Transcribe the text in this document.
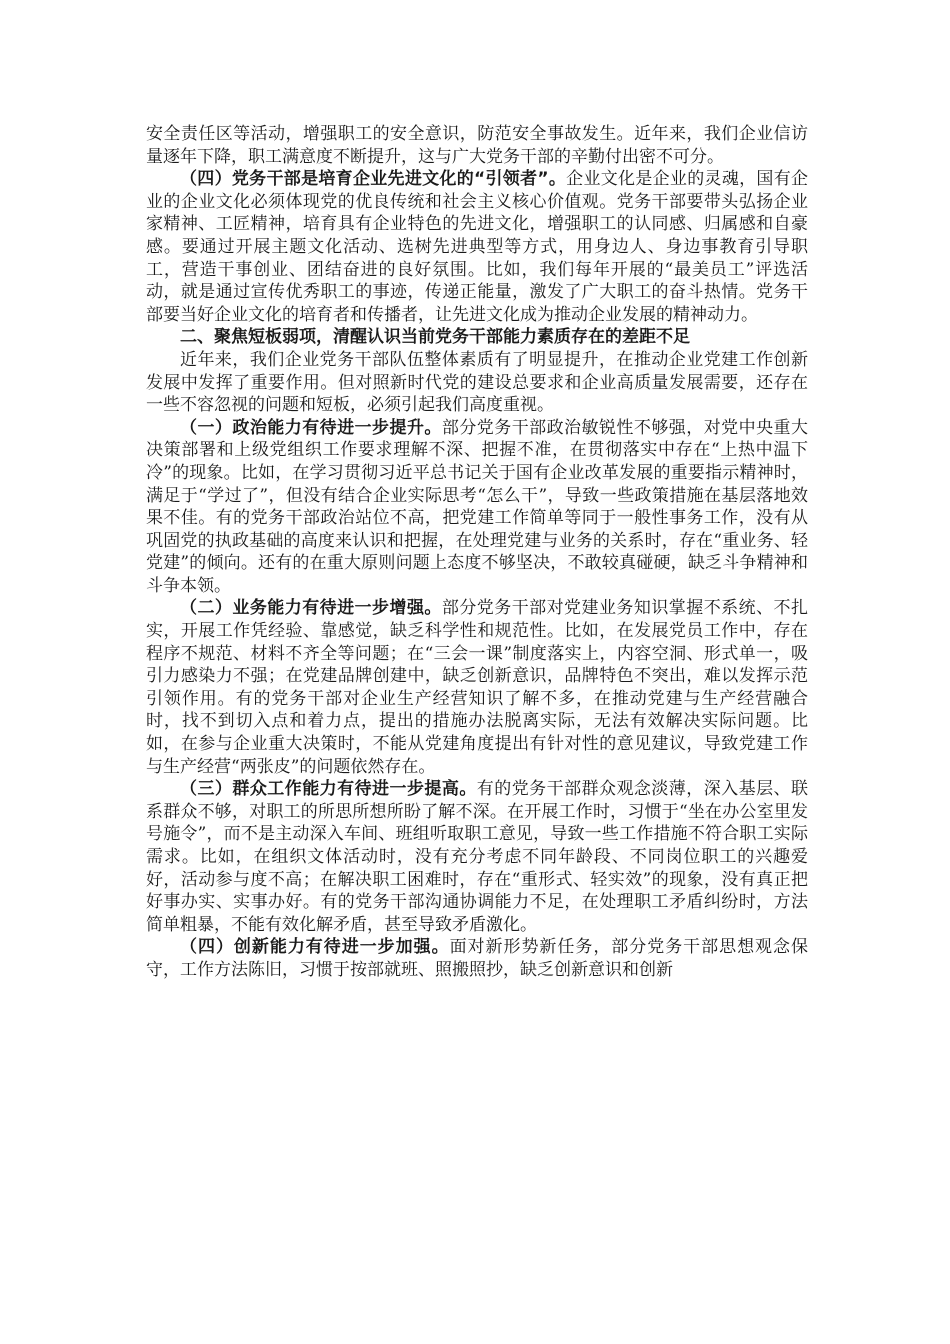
安全责任区等活动，增强职工的安全意识，防范安全事故发生。近年来，我们企业信访量逐年下降，职工满意度不断提升，这与广大党务干部的辛勤付出密不可分。

（四）党务干部是培育企业先进文化的“引领者”。企业文化是企业的灵魂，国有企业的企业文化必须体现党的优良传统和社会主义核心价值观。党务干部要带头弘扬企业家精神、工匠精神，培育具有企业特色的先进文化，增强职工的认同感、归属感和自豪感。要通过开展主题文化活动、选树先进典型等方式，用身边人、身边事教育引导职工，营造干事创业、团结奋进的良好氛围。比如，我们每年开展的“最美员工”评选活动，就是通过宣传优秀职工的事迹，传递正能量，激发了广大职工的奋斗热情。党务干部要当好企业文化的培育者和传播者，让先进文化成为推动企业发展的精神动力。

二、聚焦短板弱项，清醒认识当前党务干部能力素质存在的差距不足

近年来，我们企业党务干部队伍整体素质有了明显提升，在推动企业党建工作创新发展中发挥了重要作用。但对照新时代党的建设总要求和企业高质量发展需要，还存在一些不容忽视的问题和短板，必须引起我们高度重视。

（一）政治能力有待进一步提升。部分党务干部政治敏锐性不够强，对党中央重大决策部署和上级党组织工作要求理解不深、把握不准，在贯彻落实中存在“上热中温下冷”的现象。比如，在学习贯彻习近平总书记关于国有企业改革发展的重要指示精神时，满足于“学过了”，但没有结合企业实际思考“怎么干”，导致一些政策措施在基层落地效果不佳。有的党务干部政治站位不高，把党建工作简单等同于一般性事务工作，没有从巩固党的执政基础的高度来认识和把握，在处理党建与业务的关系时，存在“重业务、轻党建”的倾向。还有的在重大原则问题上态度不够坚决，不敢较真碰硬，缺乏斗争精神和斗争本领。

（二）业务能力有待进一步增强。部分党务干部对党建业务知识掌握不系统、不扎实，开展工作凭经验、靠感觉，缺乏科学性和规范性。比如，在发展党员工作中，存在程序不规范、材料不齐全等问题；在“三会一课”制度落实上，内容空洞、形式单一，吸引力感染力不强；在党建品牌创建中，缺乏创新意识，品牌特色不突出，难以发挥示范引领作用。有的党务干部对企业生产经营知识了解不多，在推动党建与生产经营融合时，找不到切入点和着力点，提出的措施办法脱离实际，无法有效解决实际问题。比如，在参与企业重大决策时，不能从党建角度提出有针对性的意见建议，导致党建工作与生产经营“两张皮”的问题依然存在。

（三）群众工作能力有待进一步提高。有的党务干部群众观念淡薄，深入基层、联系群众不够，对职工的所思所想所盼了解不深。在开展工作时，习惯于“坐在办公室里发号施令”，而不是主动深入车间、班组听取职工意见，导致一些工作措施不符合职工实际需求。比如，在组织文体活动时，没有充分考虑不同年龄段、不同岗位职工的兴趣爱好，活动参与度不高；在解决职工困难时，存在“重形式、轻实效”的现象，没有真正把好事办实、实事办好。有的党务干部沟通协调能力不足，在处理职工矛盾纠纷时，方法简单粗暴，不能有效化解矛盾，甚至导致矛盾激化。

（四）创新能力有待进一步加强。面对新形势新任务，部分党务干部思想观念保守，工作方法陈旧，习惯于按部就班、照搬照抄，缺乏创新意识和创新
